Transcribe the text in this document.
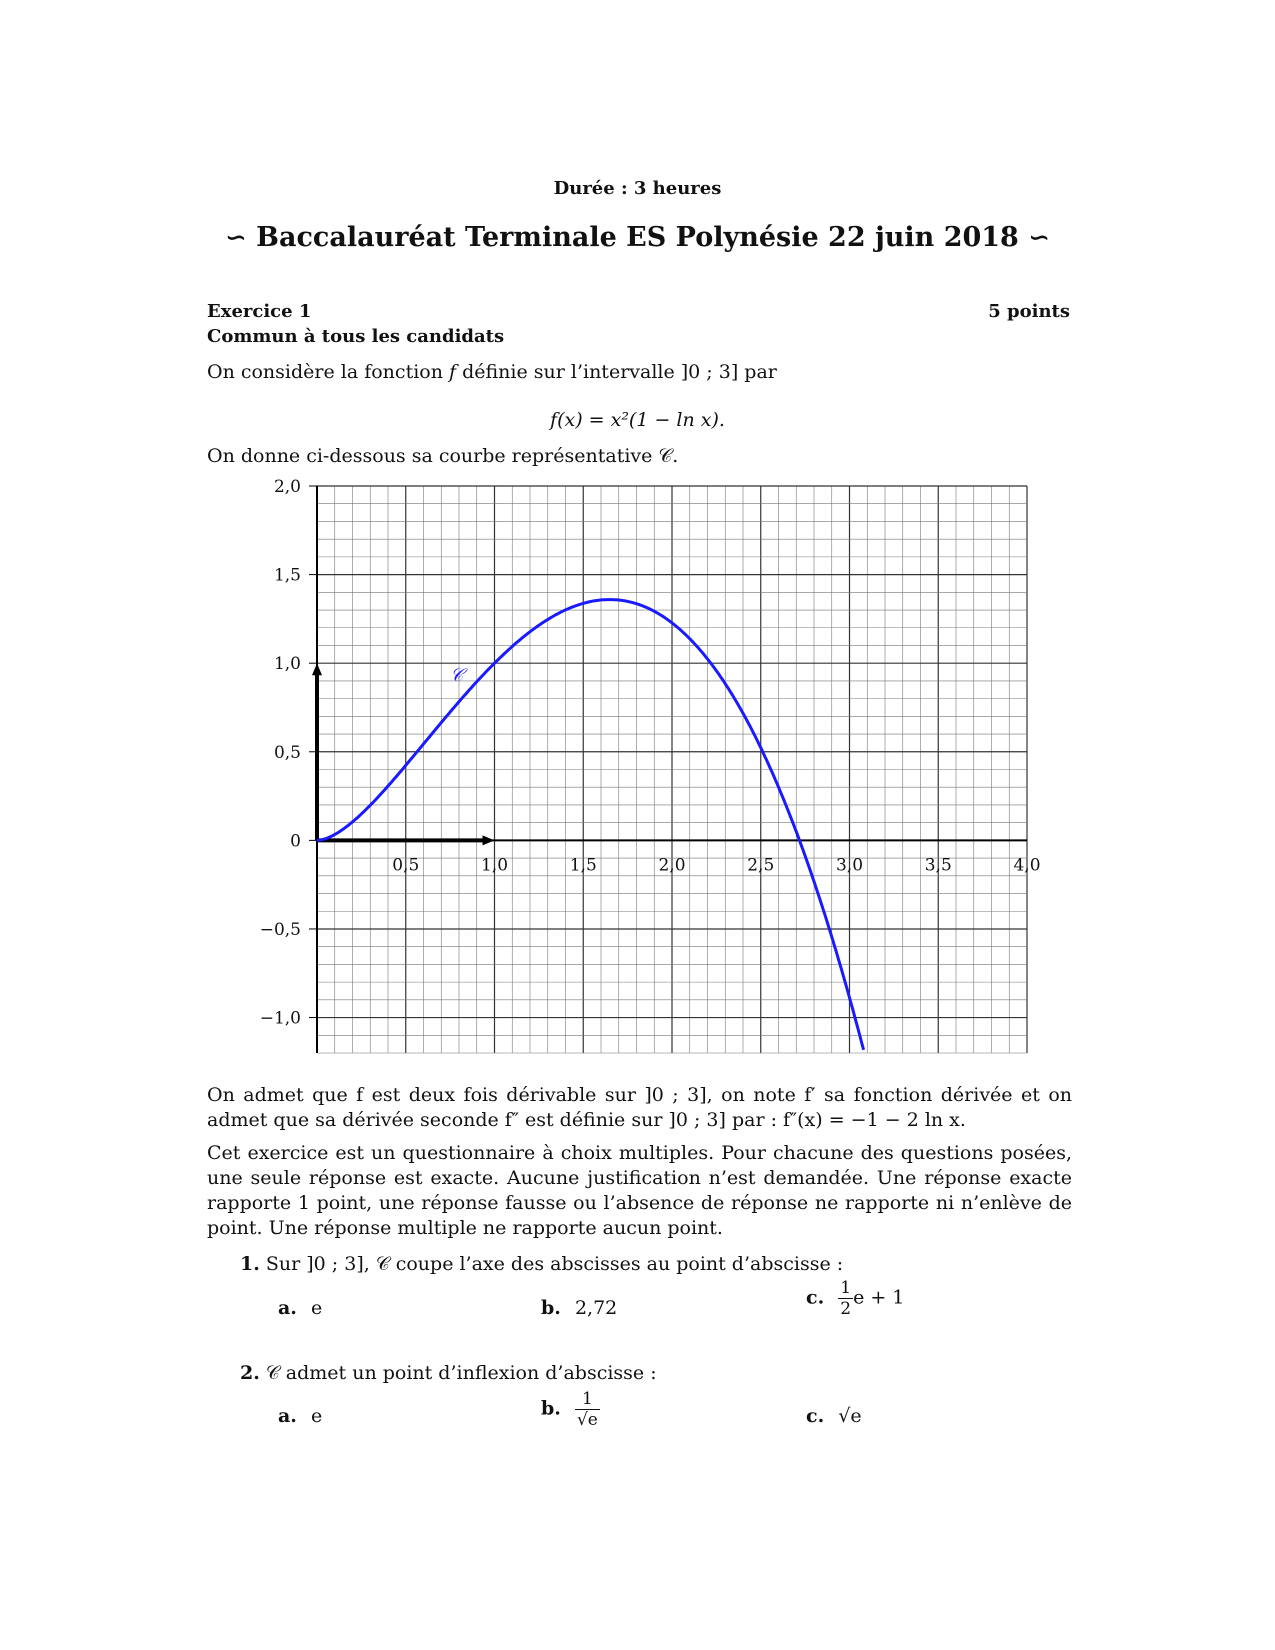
Durée : 3 heures
∽ Baccalauréat Terminale ES Polynésie 22 juin 2018 ∽
Exercice 1	5 points
Commun à tous les candidats
On considère la fonction f définie sur l’intervalle ]0 ; 3] par
f(x) = x²(1 − ln x).
On donne ci-dessous sa courbe représentative 𝒞.
0,5	1,0	1,5	2,0	2,5	3,0	3,5	4,0
2,0
1,5
1,0
0,5
0
−0,5
−1,0
𝒞
On admet que f est deux fois dérivable sur ]0 ; 3], on note f′ sa fonction dérivée et on admet que sa dérivée seconde f″ est définie sur ]0 ; 3] par : f″(x) = −1 − 2 ln x.
Cet exercice est un questionnaire à choix multiples. Pour chacune des questions posées, une seule réponse est exacte. Aucune justification n’est demandée. Une réponse exacte rapporte 1 point, une réponse fausse ou l’absence de réponse ne rapporte ni n’enlève de point. Une réponse multiple ne rapporte aucun point.
1. Sur ]0 ; 3], 𝒞 coupe l’axe des abscisses au point d’abscisse :
a. e	b. 2,72	c. $\frac{1}{2}$ e + 1
2. 𝒞 admet un point d’inflexion d’abscisse :
a. e	b. $\frac{1}{√e}$	c. √e
